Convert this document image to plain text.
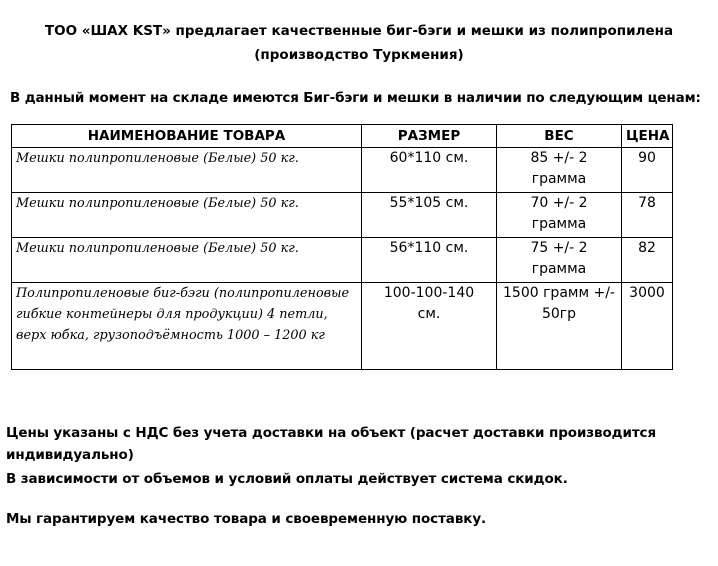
ТОО «ШАХ KST» предлагает качественные биг-бэги и мешки из полипропилена
(производство Туркмения)
В данный момент на складе имеются Биг-бэги и мешки в наличии по следующим ценам:
НАИМЕНОВАНИЕ ТОВАРА	РАЗМЕР	ВЕС	ЦЕНА
Мешки полипропиленовые (Белые) 50 кг.	60*110 см.	85 +/- 2 грамма	90
Мешки полипропиленовые (Белые) 50 кг.	55*105 см.	70 +/- 2 грамма	78
Мешки полипропиленовые (Белые) 50 кг.	56*110 см.	75 +/- 2 грамма	82
Полипропиленовые биг-бэги (полипропиленовые гибкие контейнеры для продукции) 4 петли, верх юбка, грузоподъёмность 1000 – 1200 кг	100-100-140 см.	1500 грамм +/- 50гр	3000
Цены указаны с НДС без учета доставки на объект (расчет доставки производится индивидуально)
В зависимости от объемов и условий оплаты действует система скидок.
Мы гарантируем качество товара и своевременную поставку.
